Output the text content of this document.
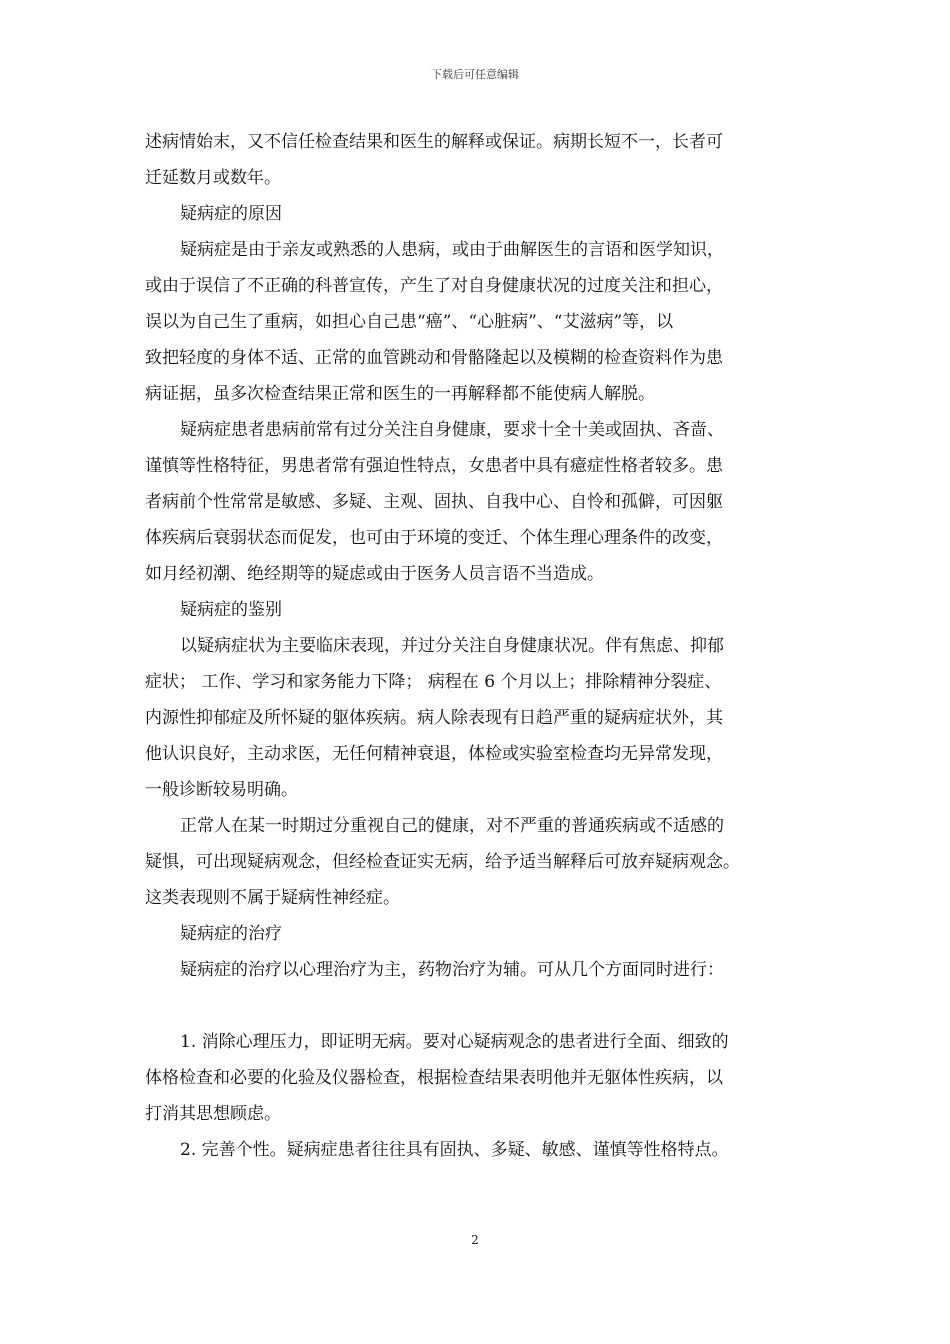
下载后可任意编辑

述病情始末，又不信任检查结果和医生的解释或保证。病期长短不一，长者可

迁延数月或数年。

疑病症的原因

疑病症是由于亲友或熟悉的人患病，或由于曲解医生的言语和医学知识，

或由于误信了不正确的科普宣传，产生了对自身健康状况的过度关注和担心，

误以为自己生了重病，如担心自己患“癌”、“心脏病”、“艾滋病”等，以

致把轻度的身体不适、正常的血管跳动和骨骼隆起以及模糊的检查资料作为患

病证据，虽多次检查结果正常和医生的一再解释都不能使病人解脱。

疑病症患者患病前常有过分关注自身健康，要求十全十美或固执、吝啬、

谨慎等性格特征，男患者常有强迫性特点，女患者中具有癔症性格者较多。患

者病前个性常常是敏感、多疑、主观、固执、自我中心、自怜和孤僻，可因躯

体疾病后衰弱状态而促发，也可由于环境的变迁、个体生理心理条件的改变，

如月经初潮、绝经期等的疑虑或由于医务人员言语不当造成。

疑病症的鉴别

以疑病症状为主要临床表现，并过分关注自身健康状况。伴有焦虑、抑郁

症状； 工作、学习和家务能力下降； 病程在 6 个月以上；排除精神分裂症、

内源性抑郁症及所怀疑的躯体疾病。病人除表现有日趋严重的疑病症状外，其

他认识良好，主动求医，无任何精神衰退，体检或实验室检查均无异常发现，

一般诊断较易明确。

正常人在某一时期过分重视自己的健康，对不严重的普通疾病或不适感的

疑惧，可出现疑病观念，但经检查证实无病，给予适当解释后可放弃疑病观念。

这类表现则不属于疑病性神经症。

疑病症的治疗

疑病症的治疗以心理治疗为主，药物治疗为辅。可从几个方面同时进行：

1. 消除心理压力，即证明无病。要对心疑病观念的患者进行全面、细致的

体格检查和必要的化验及仪器检查，根据检查结果表明他并无躯体性疾病，以

打消其思想顾虑。

2. 完善个性。疑病症患者往往具有固执、多疑、敏感、谨慎等性格特点。

2
